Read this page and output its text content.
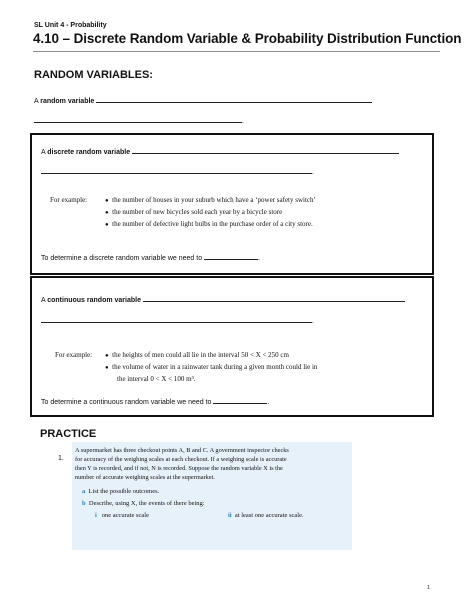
SL Unit 4 - Probability
4.10 – Discrete Random Variable & Probability Distribution Function
RANDOM VARIABLES:
A random variable
.
A discrete random variable
.
For example:	● the number of houses in your suburb which have a ‘power safety switch’
● the number of new bicycles sold each year by a bicycle store
● the number of defective light bulbs in the purchase order of a city store.
To determine a discrete random variable we need to	.
A continuous random variable
.
For example: ● the heights of men could all lie in the interval 50 < X < 250 cm
● the volume of water in a rainwater tank during a given month could lie in
the interval 0 < X < 100 m³.
To determine a continuous random variable we need to	.
PRACTICE
1.
A supermarket has three checkout points A, B and C. A government inspector checks
for accuracy of the weighing scales at each checkout. If a weighing scale is accurate
then Y is recorded, and if not, N is recorded. Suppose the random variable X is the
number of accurate weighing scales at the supermarket.
a List the possible outcomes.
b Describe, using X, the events of there being:
i one accurate scale	ii at least one accurate scale.
1
